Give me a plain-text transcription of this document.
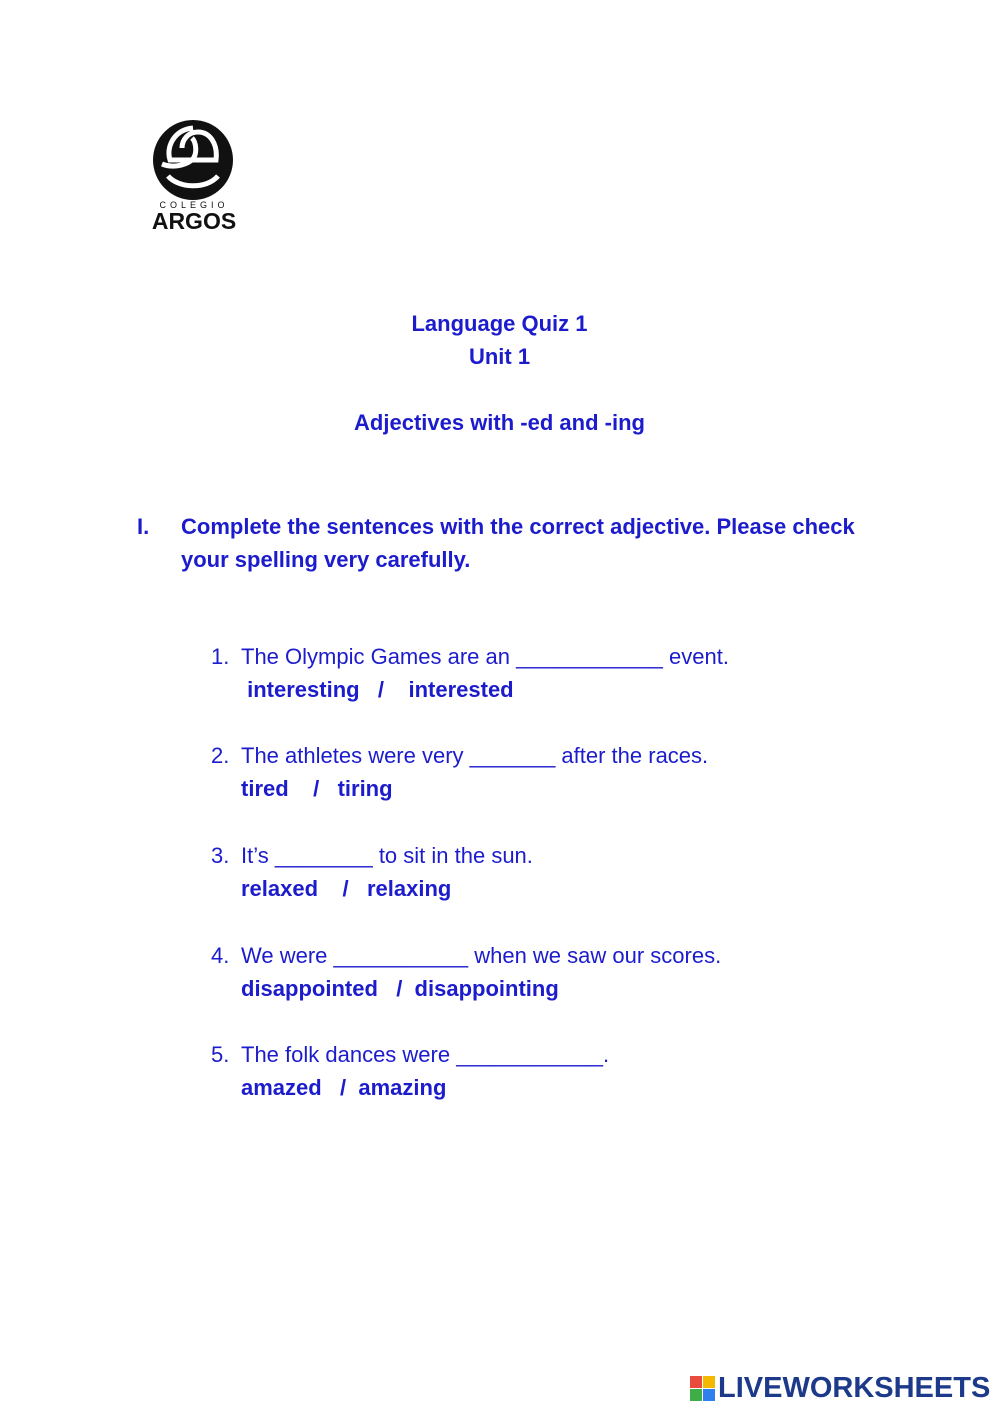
COLEGIO
ARGOS
Language Quiz 1
Unit 1
Adjectives with -ed and -ing
I. Complete the sentences with the correct adjective. Please check your spelling very carefully.
1. The Olympic Games are an ____________ event.
interesting   /    interested
2. The athletes were very _______ after the races.
tired    /   tiring
3. It’s ________ to sit in the sun.
relaxed    /   relaxing
4. We were ___________ when we saw our scores.
disappointed   /  disappointing
5. The folk dances were ____________.
amazed   /  amazing
LIVEWORKSHEETS
